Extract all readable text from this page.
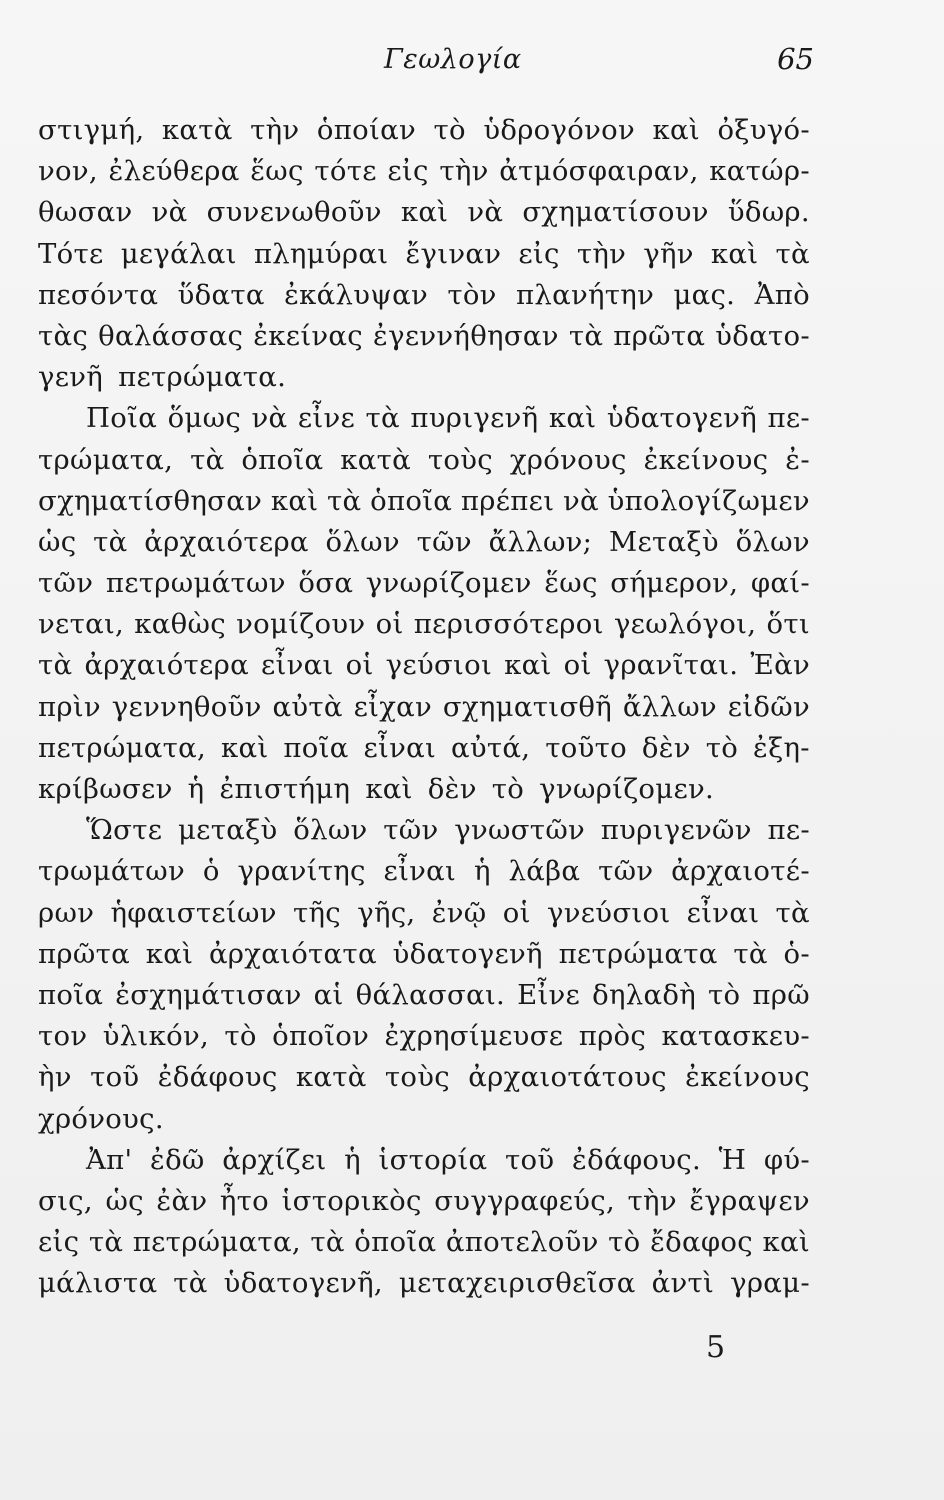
Γεωλογία	65
στιγμή, κατὰ τὴν ὁποίαν τὸ ὑδρογόνον καὶ ὀξυγό-
νον, ἐλεύθερα ἕως τότε εἰς τὴν ἀτμόσφαιραν, κατώρ-
θωσαν νὰ συνενωθοῦν καὶ νὰ σχηματίσουν ὕδωρ.
Τότε μεγάλαι πλημύραι ἔγιναν εἰς τὴν γῆν καὶ τὰ
πεσόντα ὕδατα ἐκάλυψαν τὸν πλανήτην μας. Ἀπὸ
τὰς θαλάσσας ἐκείνας ἐγεννήθησαν τὰ πρῶτα ὑδατο-
γενῆ πετρώματα.
Ποῖα ὅμως νὰ εἶνε τὰ πυριγενῆ καὶ ὑδατογενῆ πε-
τρώματα, τὰ ὁποῖα κατὰ τοὺς χρόνους ἐκείνους ἐ-
σχηματίσθησαν καὶ τὰ ὁποῖα πρέπει νὰ ὑπολογίζωμεν
ὡς τὰ ἀρχαιότερα ὅλων τῶν ἄλλων; Μεταξὺ ὅλων
τῶν πετρωμάτων ὅσα γνωρίζομεν ἕως σήμερον, φαί-
νεται, καθὼς νομίζουν οἱ περισσότεροι γεωλόγοι, ὅτι
τὰ ἀρχαιότερα εἶναι οἱ γεύσιοι καὶ οἱ γρανῖται. Ἐὰν
πρὶν γεννηθοῦν αὐτὰ εἶχαν σχηματισθῆ ἄλλων εἰδῶν
πετρώματα, καὶ ποῖα εἶναι αὐτά, τοῦτο δὲν τὸ ἐξη-
κρίβωσεν ἡ ἐπιστήμη καὶ δὲν τὸ γνωρίζομεν.
Ὥστε μεταξὺ ὅλων τῶν γνωστῶν πυριγενῶν πε-
τρωμάτων ὁ γρανίτης εἶναι ἡ λάβα τῶν ἀρχαιοτέ-
ρων ἡφαιστείων τῆς γῆς, ἐνῷ οἱ γνεύσιοι εἶναι τὰ
πρῶτα καὶ ἀρχαιότατα ὑδατογενῆ πετρώματα τὰ ὁ-
ποῖα ἐσχημάτισαν αἱ θάλασσαι. Εἶνε δηλαδὴ τὸ πρῶ
τον ὑλικόν, τὸ ὁποῖον ἐχρησίμευσε πρὸς κατασκευ-
ὴν τοῦ ἐδάφους κατὰ τοὺς ἀρχαιοτάτους ἐκείνους
χρόνους.
Ἀπ' ἐδῶ ἀρχίζει ἡ ἱστορία τοῦ ἐδάφους. Ἡ φύ-
σις, ὡς ἐὰν ἦτο ἱστορικὸς συγγραφεύς, τὴν ἔγραψεν
εἰς τὰ πετρώματα, τὰ ὁποῖα ἀποτελοῦν τὸ ἔδαφος καὶ
μάλιστα τὰ ὑδατογενῆ, μεταχειρισθεῖσα ἀντὶ γραμ-
5
